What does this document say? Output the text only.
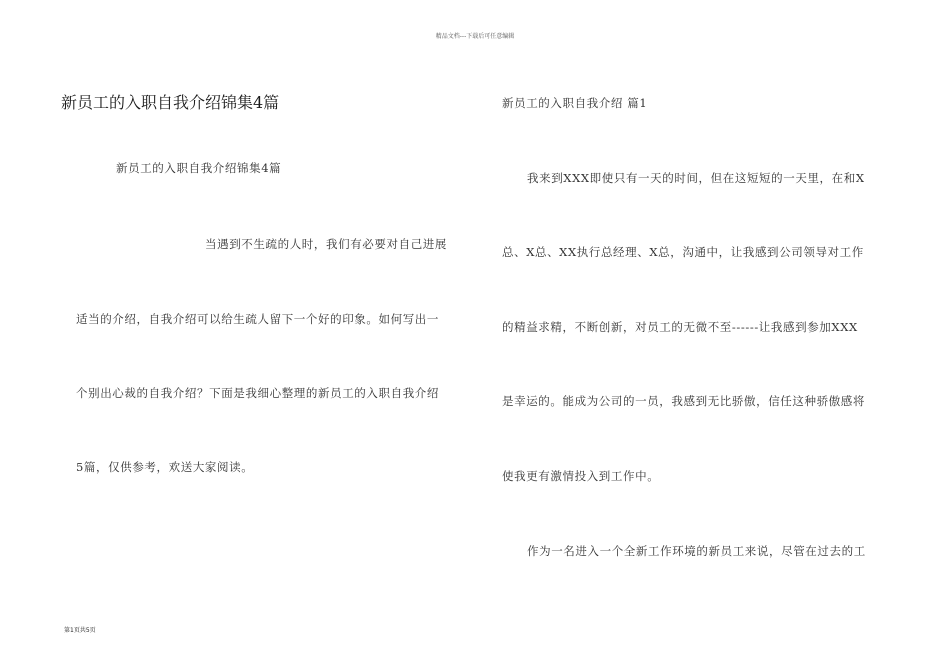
精品文档---下载后可任意编辑
新员工的入职自我介绍锦集4篇
新员工的入职自我介绍锦集4篇
当遇到不生疏的人时，我们有必要对自己进展
适当的介绍，自我介绍可以给生疏人留下一个好的印象。如何写出一
个别出心裁的自我介绍？下面是我细心整理的新员工的入职自我介绍
5篇，仅供参考，欢送大家阅读。
新员工的入职自我介绍 篇1
我来到XXX即使只有一天的时间，但在这短短的一天里，在和X
总、X总、XX执行总经理、X总，沟通中，让我感到公司领导对工作
的精益求精，不断创新，对员工的无微不至------让我感到参加XXX
是幸运的。能成为公司的一员，我感到无比骄傲，信任这种骄傲感将
使我更有激情投入到工作中。
作为一名进入一个全新工作环境的新员工来说，尽管在过去的工
第1页共5页
